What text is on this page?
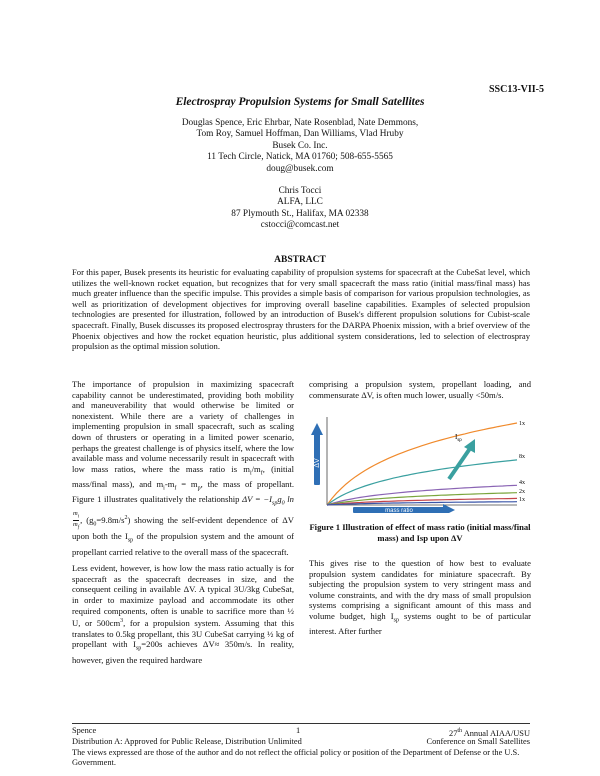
SSC13-VII-5
Electrospray Propulsion Systems for Small Satellites
Douglas Spence, Eric Ehrbar, Nate Rosenblad, Nate Demmons,
Tom Roy, Samuel Hoffman, Dan Williams, Vlad Hruby
Busek Co. Inc.
11 Tech Circle, Natick, MA 01760; 508-655-5565
doug@busek.com
Chris Tocci
ALFA, LLC
87 Plymouth St., Halifax, MA 02338
cstocci@comcast.net
ABSTRACT
For this paper, Busek presents its heuristic for evaluating capability of propulsion systems for spacecraft at the CubeSat level, which utilizes the well-known rocket equation, but recognizes that for very small spacecraft the mass ratio (initial mass/final mass) has much greater influence than the specific impulse. This provides a simple basis of comparison for various propulsion technologies, as well as prioritization of development objectives for improving overall baseline capabilities. Examples of selected propulsion technologies are presented for illustration, followed by an introduction of Busek's different propulsion solutions for Cubist-scale spacecraft. Finally, Busek discusses its proposed electrospray thrusters for the DARPA Phoenix mission, with a brief overview of the Phoenix objectives and how the rocket equation heuristic, plus additional system considerations, led to selection of electrospray propulsion as the optimal mission solution.

The importance of propulsion in maximizing spacecraft capability cannot be underestimated, providing both mobility and maneuverability that would otherwise be limited or nonexistent. While there are a variety of challenges in implementing propulsion in small spacecraft, such as scaling down of thrusters or operating in a limited power scenario, perhaps the greatest challenge is of physics itself, where the low available mass and volume necessarily result in spacecraft with low mass ratios, where the mass ratio is $m_i/m_f$, (initial mass/final mass), and $m_i-m_f = m_p$, the mass of propellant. Figure 1 illustrates qualitatively the relationship $\Delta V = -I_{sp}g_0$ ln
$\frac{m_i}{m_f}$ , $(g_0=9.8m/s^2)$ showing the self-evident dependence of ΔV upon both the $I_{sp}$ of the propulsion system and the amount of propellant carried relative to the overall mass of the spacecraft.

Less evident, however, is how low the mass ratio actually is for spacecraft as the spacecraft decreases in size, and the consequent ceiling in available ΔV. A typical 3U/3kg CubeSat, in order to maximize payload and accommodate its other required components, often is unable to sacrifice more than ½ U, or $500cm^3$, for a propulsion system. Assuming that this translates to 0.5kg propellant, this 3U CubeSat carrying ½ kg of propellant with $I_{sp}=200s$ achieves ΔV≈ 350m/s. In reality, however, given the required hardware

comprising a propulsion system, propellant loading, and commensurate ΔV, is often much lower, usually <50m/s.
1x
8x
4x
2x
1x
ΔV
mass ratio
$I_{sp}$
Figure 1 Illustration of effect of mass ratio (initial mass/final mass) and Isp upon ΔV
This gives rise to the question of how best to evaluate propulsion system candidates for miniature spacecraft. By subjecting the propulsion system to very stringent mass and volume constraints, and with the dry mass of small propulsion systems comprising a significant amount of this mass and volume budget, high $I_{sp}$ systems ought to be of particular interest. After further
Spence	1	27th Annual AIAA/USU
Distribution A: Approved for Public Release, Distribution Unlimited	Conference on Small Satellites
The views expressed are those of the author and do not reflect the official policy or position of the Department of Defense or the U.S. Government.
